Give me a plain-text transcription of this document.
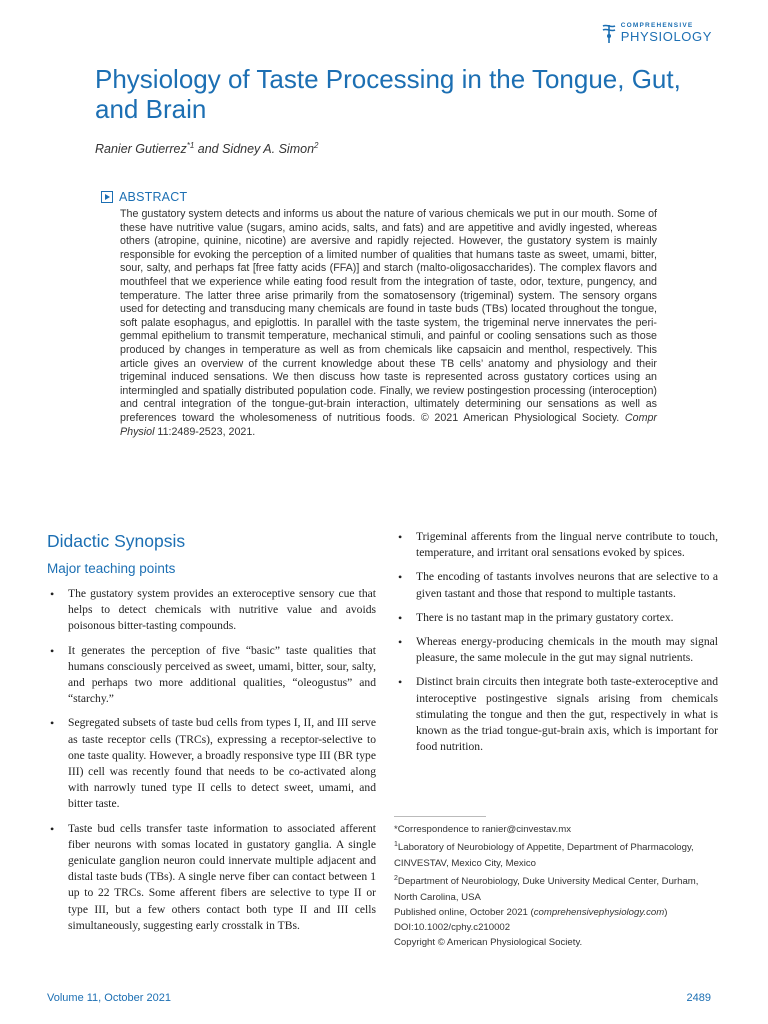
COMPREHENSIVE
PHYSIOLOGY
Physiology of Taste Processing in the Tongue, Gut, and Brain
Ranier Gutierrez$^{*1}$ and Sidney A. Simon$^2$
ABSTRACT

The gustatory system detects and informs us about the nature of various chemicals we put in our mouth. Some of these have nutritive value (sugars, amino acids, salts, and fats) and are appetitive and avidly ingested, whereas others (atropine, quinine, nicotine) are aversive and rapidly rejected. However, the gustatory system is mainly responsible for evoking the perception of a limited number of qualities that humans taste as sweet, umami, bitter, sour, salty, and perhaps fat [free fatty acids (FFA)] and starch (malto-oligosaccharides). The complex flavors and mouthfeel that we experience while eating food result from the integration of taste, odor, texture, pungency, and temperature. The latter three arise primarily from the somatosensory (trigeminal) system. The sensory organs used for detecting and transducing many chemicals are found in taste buds (TBs) located throughout the tongue, soft palate esophagus, and epiglottis. In parallel with the taste system, the trigeminal nerve innervates the peri-gemmal epithelium to transmit temperature, mechanical stimuli, and painful or cooling sensations such as those produced by changes in temperature as well as from chemicals like capsaicin and menthol, respectively. This article gives an overview of the current knowledge about these TB cells’ anatomy and physiology and their trigeminal induced sensations. We then discuss how taste is represented across gustatory cortices using an intermingled and spatially distributed population code. Finally, we review postingestion processing (interoception) and central integration of the tongue-gut-brain interaction, ultimately determining our sensations as well as preferences toward the wholesomeness of nutritious foods. © 2021 American Physiological Society. Compr Physiol 11:2489-2523, 2021.

Didactic Synopsis
Major teaching points
• The gustatory system provides an exteroceptive sensory cue that helps to detect chemicals with nutritive value and avoids poisonous bitter-tasting compounds.
• It generates the perception of five “basic” taste qualities that humans consciously perceived as sweet, umami, bitter, sour, salty, and perhaps two more additional qualities, “oleogustus” and “starchy.”
• Segregated subsets of taste bud cells from types I, II, and III serve as taste receptor cells (TRCs), expressing a receptor-selective to one taste quality. However, a broadly responsive type III (BR type III) cell was recently found that needs to be co-activated along with narrowly tuned type II cells to detect sweet, umami, and bitter taste.
• Taste bud cells transfer taste information to associated afferent fiber neurons with somas located in gustatory ganglia. A single geniculate ganglion neuron could innervate multiple adjacent and distal taste buds (TBs). A single nerve fiber can contact between 1 up to 22 TRCs. Some afferent fibers are selective to type II or type III, but a few others contact both type II and III cells simultaneously, suggesting early crosstalk in TBs.
• Trigeminal afferents from the lingual nerve contribute to touch, temperature, and irritant oral sensations evoked by spices.
• The encoding of tastants involves neurons that are selective to a given tastant and those that respond to multiple tastants.
• There is no tastant map in the primary gustatory cortex.
• Whereas energy-producing chemicals in the mouth may signal pleasure, the same molecule in the gut may signal nutrients.
• Distinct brain circuits then integrate both taste-exteroceptive and interoceptive postingestive signals arising from chemicals stimulating the tongue and then the gut, respectively in what is known as the triad tongue-gut-brain axis, which is important for food nutrition.

*Correspondence to ranier@cinvestav.mx

$^1$Laboratory of Neurobiology of Appetite, Department of Pharmacology, CINVESTAV, Mexico City, Mexico

$^2$Department of Neurobiology, Duke University Medical Center, Durham, North Carolina, USA

Published online, October 2021 (comprehensivephysiology.com)

DOI:10.1002/cphy.c210002

Copyright © American Physiological Society.

Volume 11, October 2021	2489
